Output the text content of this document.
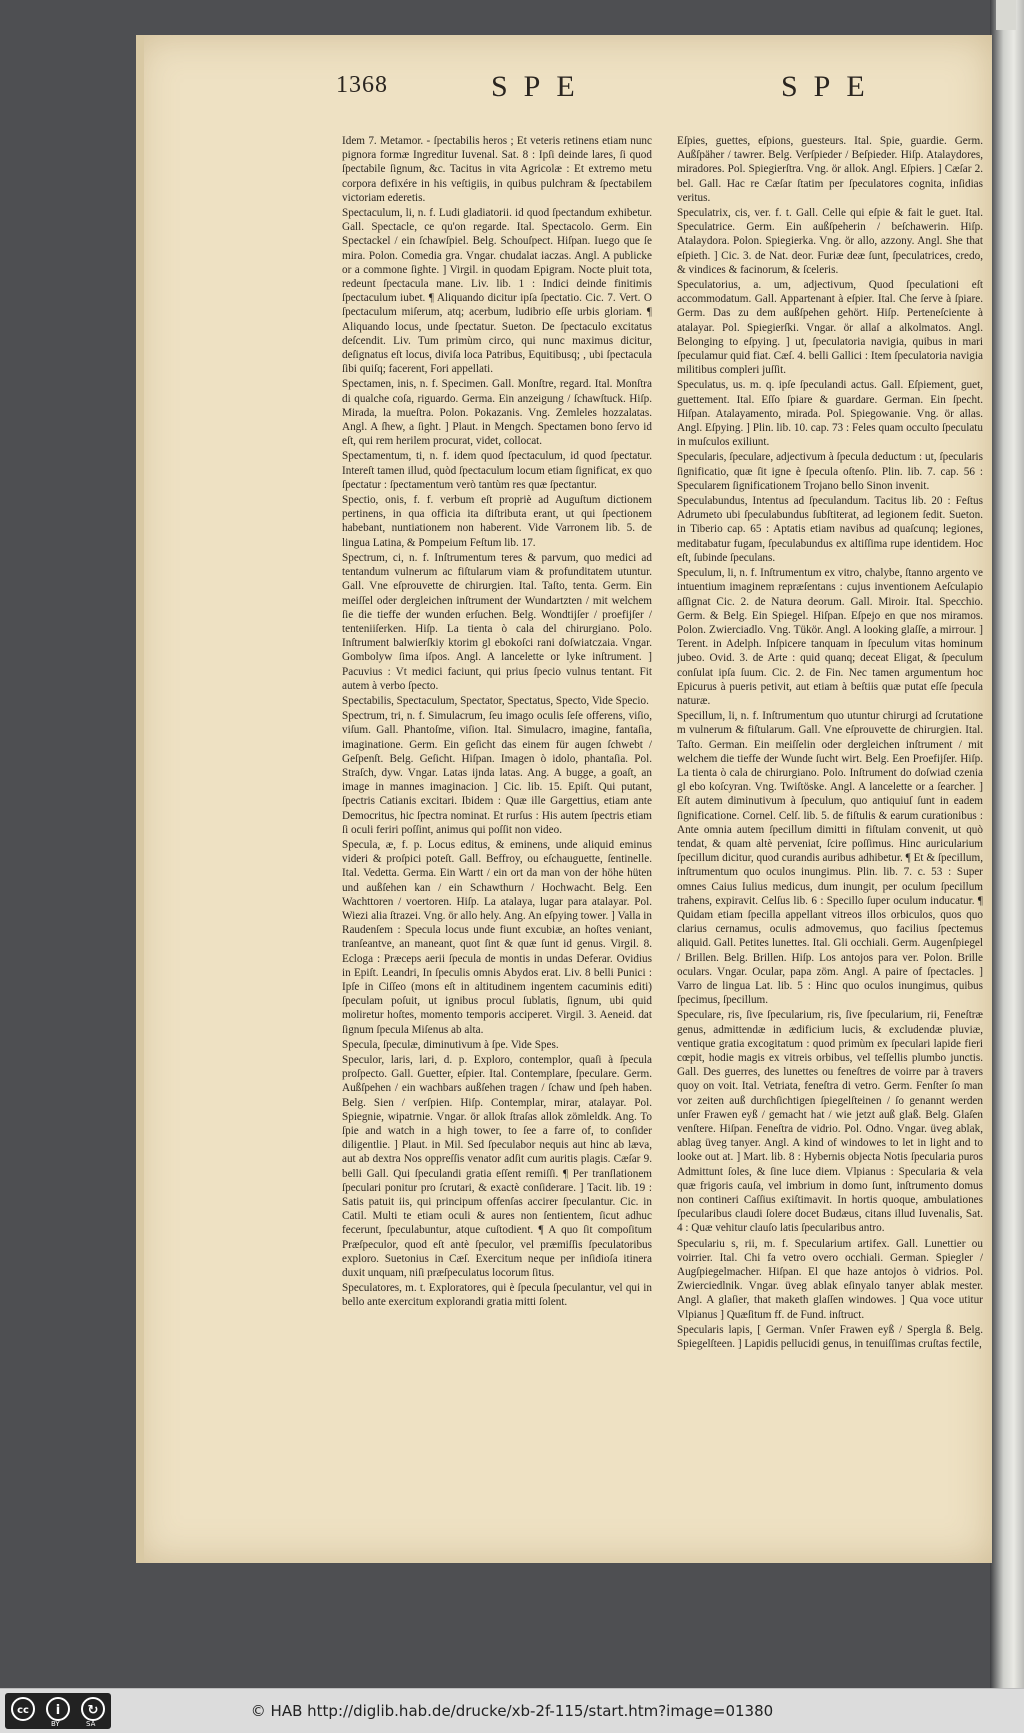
1368	SPE	SPE

Idem 7. Metamor. - ſpectabilis heros ; Et veteris retinens etiam nunc pignora formæ Ingreditur Iuvenal. Sat. 8 : Ipſi deinde lares, ſi quod ſpectabile ſignum, &c. Tacitus in vita Agricolæ : Et extremo metu corpora defixére in his veſtigiis, in quibus pulchram & ſpectabilem victoriam ederetis.

Spectaculum, li, n. f. Ludi gladiatorii. id quod ſpectandum exhibetur. Gall. Spectacle, ce qu'on regarde. Ital. Spectacolo. Germ. Ein Spectackel / ein ſchawſpiel. Belg. Schouſpect. Hiſpan. Iuego que ſe mira. Polon. Comedia gra. Vngar. chudalat iaczas. Angl. A publicke or a commone ſighte. ] Virgil. in quodam Epigram. Nocte pluit tota, redeunt ſpectacula mane. Liv. lib. 1 : Indici deinde finitimis ſpectaculum iubet. ¶ Aliquando dicitur ipſa ſpectatio. Cic. 7. Vert. O ſpectaculum miſerum, atq; acerbum, ludibrio eſſe urbis gloriam. ¶ Aliquando locus, unde ſpectatur. Sueton. De ſpectaculo excitatus deſcendit. Liv. Tum primùm circo, qui nunc maximus dicitur, deſignatus eſt locus, diviſa loca Patribus, Equitibusq; , ubi ſpectacula ſibi quiſq; facerent, Fori appellati.

Spectamen, inis, n. f. Specimen. Gall. Monſtre, regard. Ital. Monſtra di qualche coſa, riguardo. Germa. Ein anzeigung / ſchawſtuck. Hiſp. Mirada, la mueſtra. Polon. Pokazanis. Vng. Zemleles hozzalatas. Angl. A ſhew, a ſight. ] Plaut. in Mengch. Spectamen bono ſervo id eſt, qui rem herilem procurat, videt, collocat.

Spectamentum, ti, n. f. idem quod ſpectaculum, id quod ſpectatur. Intereſt tamen illud, quòd ſpectaculum locum etiam ſignificat, ex quo ſpectatur : ſpectamentum verò tantùm res quæ ſpectantur.

Spectio, onis, f. f. verbum eſt propriè ad Auguſtum dictionem pertinens, in qua officia ita diſtributa erant, ut qui ſpectionem habebant, nuntiationem non haberent. Vide Varronem lib. 5. de lingua Latina, & Pompeium Feſtum lib. 17.

Spectrum, ci, n. f. Inſtrumentum teres & parvum, quo medici ad tentandum vulnerum ac fiſtularum viam & profunditatem utuntur. Gall. Vne eſprouvette de chirurgien. Ital. Taſto, tenta. Germ. Ein meiſſel oder dergleichen inſtrument der Wundartzten / mit welchem ſie die tieffe der wunden erſuchen. Belg. Wondtijſer / proefijſer / tenteniiſerken. Hiſp. La tienta ò cala del chirurgiano. Polo. Inſtrument balwierſkiy ktorim gl ebokoſci rani doſwiatczaia. Vngar. Gombolyw ſima iſpos. Angl. A lancelette or lyke inſtrument. ] Pacuvius : Vt medici faciunt, qui prius ſpecio vulnus tentant. Fit autem à verbo ſpecto.

Spectabilis, Spectaculum, Spectator, Spectatus, Specto, Vide Specio.

Spectrum, tri, n. f. Simulacrum, ſeu imago oculis ſeſe offerens, viſio, viſum. Gall. Phantoſme, viſion. Ital. Simulacro, imagine, fantaſia, imaginatione. Germ. Ein geſicht das einem für augen ſchwebt / Geſpenſt. Belg. Geſicht. Hiſpan. Imagen ò idolo, phantaſia. Pol. Straſch, dyw. Vngar. Latas ijnda latas. Ang. A bugge, a goaſt, an image in mannes imaginacion. ] Cic. lib. 15. Epiſt. Qui putant, ſpectris Catianis excitari. Ibidem : Quæ ille Gargettius, etiam ante Democritus, hic ſpectra nominat. Et rurſus : His autem ſpectris etiam ſi oculi feriri poſſint, animus qui poſſit non video.

Specula, æ, f. p. Locus editus, & eminens, unde aliquid eminus videri & proſpici poteſt. Gall. Beffroy, ou eſchauguette, ſentinelle. Ital. Vedetta. Germa. Ein Wartt / ein ort da man von der höhe hüten und außſehen kan / ein Schawthurn / Hochwacht. Belg. Een Wachttoren / voertoren. Hiſp. La atalaya, lugar para atalayar. Pol. Wiezi alia ſtrazei. Vng. ör allo hely. Ang. An eſpying tower. ] Valla in Raudenſem : Specula locus unde fiunt excubiæ, an hoſtes veniant, tranſeantve, an maneant, quot ſint & quæ ſunt id genus. Virgil. 8. Ecloga : Præceps aerii ſpecula de montis in undas Deferar. Ovidius in Epiſt. Leandri, In ſpeculis omnis Abydos erat. Liv. 8 belli Punici : Ipſe in Ciſſeo (mons eſt in altitudinem ingentem cacuminis editi) ſpeculam poſuit, ut ignibus procul ſublatis, ſignum, ubi quid moliretur hoſtes, momento temporis acciperet. Virgil. 3. Aeneid. dat ſignum ſpecula Miſenus ab alta.

Specula, ſpeculæ, diminutivum à ſpe. Vide Spes.

Speculor, laris, lari, d. p. Exploro, contemplor, quaſi à ſpecula proſpecto. Gall. Guetter, eſpier. Ital. Contemplare, ſpeculare. Germ. Außſpehen / ein wachbars außſehen tragen / ſchaw und ſpeh haben. Belg. Sien / verſpien. Hiſp. Contemplar, mirar, atalayar. Pol. Spiegnie, wipatrnie. Vngar. ör allok ſtraſas allok zömleldk. Ang. To ſpie and watch in a high tower, to ſee a farre of, to conſider diligentlie. ] Plaut. in Mil. Sed ſpeculabor nequis aut hinc ab læva, aut ab dextra Nos oppreſſis venator adſit cum auritis plagis. Cæſar 9. belli Gall. Qui ſpeculandi gratia eſſent remiſſi. ¶ Per tranſlationem ſpeculari ponitur pro ſcrutari, & exactè conſiderare. ] Tacit. lib. 19 : Satis patuit iis, qui principum offenſas accirer ſpeculantur. Cic. in Catil. Multi te etiam oculi & aures non ſentientem, ſicut adhuc fecerunt, ſpeculabuntur, atque cuſtodient. ¶ A quo ſit compoſitum Præſpeculor, quod eſt antè ſpeculor, vel præmiſſis ſpeculatoribus exploro. Suetonius in Cæſ. Exercitum neque per inſidioſa itinera duxit unquam, niſi præſpeculatus locorum ſitus.

Speculatores, m. t. Exploratores, qui è ſpecula ſpeculantur, vel qui in bello ante exercitum explorandi gratia mitti ſolent.

Eſpies, guettes, eſpions, guesteurs. Ital. Spie, guardie. Germ. Außſpäher / tawrer. Belg. Verſpieder / Beſpieder. Hiſp. Atalaydores, miradores. Pol. Spiegierſtra. Vng. ör allok. Angl. Eſpiers. ] Cæſar 2. bel. Gall. Hac re Cæſar ſtatim per ſpeculatores cognita, inſidias veritus.

Speculatrix, cis, ver. f. t. Gall. Celle qui eſpie & fait le guet. Ital. Speculatrice. Germ. Ein außſpeherin / beſchawerin. Hiſp. Atalaydora. Polon. Spiegierka. Vng. ör allo, azzony. Angl. She that eſpieth. ] Cic. 3. de Nat. deor. Furiæ deæ ſunt, ſpeculatrices, credo, & vindices & facinorum, & ſceleris.

Speculatorius, a. um, adjectivum, Quod ſpeculationi eſt accommodatum. Gall. Appartenant à eſpier. Ital. Che ſerve à ſpiare. Germ. Das zu dem außſpehen gehört. Hiſp. Perteneſciente à atalayar. Pol. Spiegierſki. Vngar. ör allaſ a alkolmatos. Angl. Belonging to eſpying. ] ut, ſpeculatoria navigia, quibus in mari ſpeculamur quid fiat. Cæſ. 4. belli Gallici : Item ſpeculatoria navigia militibus compleri juſſit.

Speculatus, us. m. q. ipſe ſpeculandi actus. Gall. Eſpiement, guet, guettement. Ital. Eſſo ſpiare & guardare. German. Ein ſpecht. Hiſpan. Atalayamento, mirada. Pol. Spiegowanie. Vng. ör allas. Angl. Eſpying. ] Plin. lib. 10. cap. 73 : Feles quam occulto ſpeculatu in muſculos exiliunt.

Specularis, ſpeculare, adjectivum à ſpecula deductum : ut, ſpecularis ſignificatio, quæ ſit igne è ſpecula oſtenſo. Plin. lib. 7. cap. 56 : Specularem ſignificationem Trojano bello Sinon invenit.

Speculabundus, Intentus ad ſpeculandum. Tacitus lib. 20 : Feſtus Adrumeto ubi ſpeculabundus ſubſtiterat, ad legionem ſedit. Sueton. in Tiberio cap. 65 : Aptatis etiam navibus ad quaſcunq; legiones, meditabatur fugam, ſpeculabundus ex altiſſima rupe identidem. Hoc eſt, ſubinde ſpeculans.

Speculum, li, n. f. Inſtrumentum ex vitro, chalybe, ſtanno argento ve intuentium imaginem repræſentans : cujus inventionem Aeſculapio aſſignat Cic. 2. de Natura deorum. Gall. Miroir. Ital. Specchio. Germ. & Belg. Ein Spiegel. Hiſpan. Eſpejo en que nos miramos. Polon. Zwierciadlo. Vng. Tükör. Angl. A looking glaſſe, a mirrour. ] Terent. in Adelph. Inſpicere tanquam in ſpeculum vitas hominum jubeo. Ovid. 3. de Arte : quid quanq; deceat Eligat, & ſpeculum conſulat ipſa ſuum. Cic. 2. de Fin. Nec tamen argumentum hoc Epicurus à pueris petivit, aut etiam à beſtiis quæ putat eſſe ſpecula naturæ.

Specillum, li, n. f. Inſtrumentum quo utuntur chirurgi ad ſcrutatione m vulnerum & fiſtularum. Gall. Vne eſprouvette de chirurgien. Ital. Taſto. German. Ein meiſſelin oder dergleichen inſtrument / mit welchem die tieffe der Wunde ſucht wirt. Belg. Een Proefijſer. Hiſp. La tienta ò cala de chirurgiano. Polo. Inſtrument do doſwiad czenia gl ebo koſcyran. Vng. Twiſtöske. Angl. A lancelette or a ſearcher. ] Eſt autem diminutivum à ſpeculum, quo antiquiuſ ſunt in eadem ſignificatione. Cornel. Celſ. lib. 5. de fiſtulis & earum curationibus : Ante omnia autem ſpecillum dimitti in fiſtulam convenit, ut quò tendat, & quam altè perveniat, ſcire poſſimus. Hinc auricularium ſpecillum dicitur, quod curandis auribus adhibetur. ¶ Et & ſpecillum, inſtrumentum quo oculos inungimus. Plin. lib. 7. c. 53 : Super omnes Caius Iulius medicus, dum inungit, per oculum ſpecillum trahens, expiravit. Celſus lib. 6 : Specillo ſuper oculum inducatur. ¶ Quidam etiam ſpecilla appellant vitreos illos orbiculos, quos quo clarius cernamus, oculis admovemus, quo facilius ſpectemus aliquid. Gall. Petites lunettes. Ital. Gli occhiali. Germ. Augenſpiegel / Brillen. Belg. Brillen. Hiſp. Los antojos para ver. Polon. Brille oculars. Vngar. Ocular, papa zöm. Angl. A paire of ſpectacles. ] Varro de lingua Lat. lib. 5 : Hinc quo oculos inungimus, quibus ſpecimus, ſpecillum.

Speculare, ris, ſive ſpecularium, ris, ſive ſpecularium, rii, Feneſtræ genus, admittendæ in ædificium lucis, & excludendæ pluviæ, ventique gratia excogitatum : quod primùm ex ſpeculari lapide fieri cœpit, hodie magis ex vitreis orbibus, vel teſſellis plumbo junctis. Gall. Des guerres, des lunettes ou feneſtres de voirre par à travers quoy on voit. Ital. Vetriata, feneſtra di vetro. Germ. Fenſter ſo man vor zeiten auß durchſichtigen ſpiegelſteinen / ſo genannt werden unſer Frawen eyß / gemacht hat / wie jetzt auß glaß. Belg. Glaſen venſtere. Hiſpan. Feneſtra de vidrio. Pol. Odno. Vngar. üveg ablak, ablag üveg tanyer. Angl. A kind of windowes to let in light and to looke out at. ] Mart. lib. 8 : Hybernis objecta Notis ſpecularia puros Admittunt ſoles, & ſine luce diem. Vlpianus : Specularia & vela quæ frigoris cauſa, vel imbrium in domo ſunt, inſtrumento domus non contineri Caſſius exiſtimavit. In hortis quoque, ambulationes ſpecularibus claudi ſolere docet Budæus, citans illud Iuvenalis, Sat. 4 : Quæ vehitur clauſo latis ſpecularibus antro.

Speculariu s, rii, m. f. Specularium artifex. Gall. Lunettier ou voirrier. Ital. Chi fa vetro overo occhiali. German. Spiegler / Augſpiegelmacher. Hiſpan. El que haze antojos ò vidrios. Pol. Zwierciedlnik. Vngar. üveg ablak eſinyalo tanyer ablak mester. Angl. A glaſier, that maketh glaſſen windowes. ] Qua voce utitur Vlpianus ] Quæſitum ff. de Fund. inſtruct.

Specularis lapis, [ German. Vnſer Frawen eyß / Spergla ß. Belg. Spiegelſteen. ] Lapidis pellucidi genus, in tenuiſſimas cruſtas fectile,

cc	i	↻
BY	SA
© HAB http://diglib.hab.de/drucke/xb-2f-115/start.htm?image=01380
